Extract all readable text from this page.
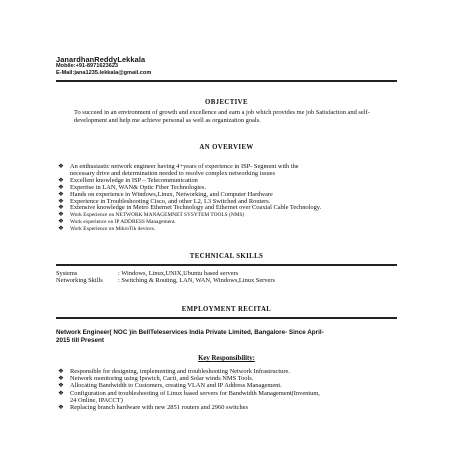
JanardhanReddyLekkala
Mobile:+91-8971623623
E-Mail:jana1235.lekkala@gmail.com
OBJECTIVE
To succeed in an environment of growth and excellence and earn a job which provides me job Satisfaction and self-development and help me achieve personal as well as organization goals.
AN OVERVIEW
❖ An enthusiastic network engineer having 4+years of experience in ISP- Segment with the
necessary drive and determination needed to resolve complex networking issues
❖ Excellent knowledge in ISP – Telecommunication
❖ Expertise in LAN, WAN& Optic Fiber Technologies.
❖ Hands on experience in Windows,Linux, Networking, and Computer Hardware
❖ Experience in Troubleshooting Cisco, and other L2, L3 Switched and Routers.
❖ Extensive knowledge in Metro Ethernet Technology and Ethernet over Coaxial Cable Technology.
❖ Work Experience on NETWORK MANAGEMNET SYSYTEM TOOLS (NMS)
❖ Work experience on IP ADDRESS Management.
❖ Work Experience on MikroTik devices.
TECHNICAL SKILLS
Systems	: Windows, Linux,UNIX,Ubuntu based servers
Networking Skills : Switching & Routing, LAN, WAN, Windows,Linux Servers
EMPLOYMENT RECITAL
Network Engineer( NOC )in BellTeleservices India Private Limited, Bangalore- Since April-
2015 till Present
Key Responsibility:
❖ Responsible for designing, implementing and troubleshooting Network Infrastructure.
❖ Network monitoring using Ipswich, Cacti, and Solar winds NMS Tools.
❖ Allocating Bandwidth to Customers, creating VLAN and IP Address Management.
❖ Configuration and troubleshooting of Linux based servers for Bandwidth Management(Inventum,
24 Online, IPACCT)
❖ Replacing branch hardware with new 2851 routers and 2960 switches
